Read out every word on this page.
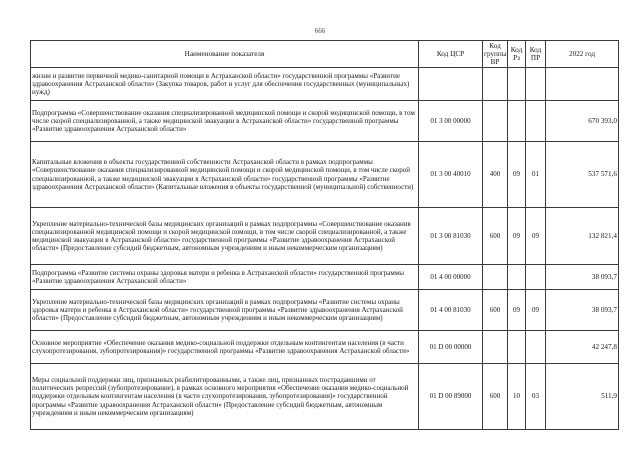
666
Наименование показателя	Код ЦСР	Код группы ВР	Код Рз	Код ПР	2022 год
жизни и развитие первичной медико-санитарной помощи в Астраханской области» государственной программы «Развитие здравоохранения Астраханской области» (Закупка товаров, работ и услуг для обеспечения государственных (муниципальных) нужд)					
Подпрограмма «Совершенствование оказания специализированной медицинской помощи и скорой медицинской помощи, в том числе скорой специализированной, а также медицинской эвакуации в Астраханской области» государственной программы «Развитие здравоохранения Астраханской области»	01 3 00 00000				670 393,0
Капитальные вложения в объекты государственной собственности Астраханской области в рамках подпрограммы «Совершенствование оказания специализированной медицинской помощи и скорой медицинской помощи, в том числе скорой специализированной, а также медицинской эвакуации в Астраханской области» государственной программы «Развитие здравоохранения Астраханской области» (Капитальные вложения в объекты государственной (муниципальной) собственности)	01 3 00 40010	400	09	01	537 571,6
Укрепление материально-технической базы медицинских организаций в рамках подпрограммы «Совершенствование оказания специализированной медицинской помощи и скорой медицинской помощи, в том числе скорой специализированной, а также медицинской эвакуации в Астраханской области» государственной программы «Развитие здравоохранения Астраханской области» (Предоставление субсидий бюджетным, автономным учреждениям и иным некоммерческим организациям)	01 3 00 81030	600	09	09	132 821,4
Подпрограмма «Развитие системы охраны здоровья матери и ребенка в Астраханской области» государственной программы «Развитие здравоохранения Астраханской области»	01 4 00 00000				38 093,7
Укрепление материально-технической базы медицинских организаций в рамках подпрограммы «Развитие системы охраны здоровья матери и ребенка в Астраханской области» государственной программы «Развитие здравоохранения Астраханской области» (Предоставление субсидий бюджетным, автономным учреждениям и иным некоммерческим организациям)	01 4 00 81030	600	09	09	38 093,7
Основное мероприятие «Обеспечение оказания медико-социальной поддержки отдельным контингентам населения (в части слухопротезирования, зубопротезирования)» государственной программы «Развитие здравоохранения Астраханской области»	01 D 00 00000				42 247,8
Меры социальной поддержки лиц, признанных реабилитированными, а также лиц, признанных пострадавшими от политических репрессий (зубопротезирование), в рамках основного мероприятия «Обеспечение оказания медико-социальной поддержки отдельным контингентам населения (в части слухопротезирования, зубопротезирования)» государственной программы «Развитие здравоохранения Астраханской области» (Предоставление субсидий бюджетным, автономным учреждениям и иным некоммерческим организациям)	01 D 00 89000	600	10	03	511,9
